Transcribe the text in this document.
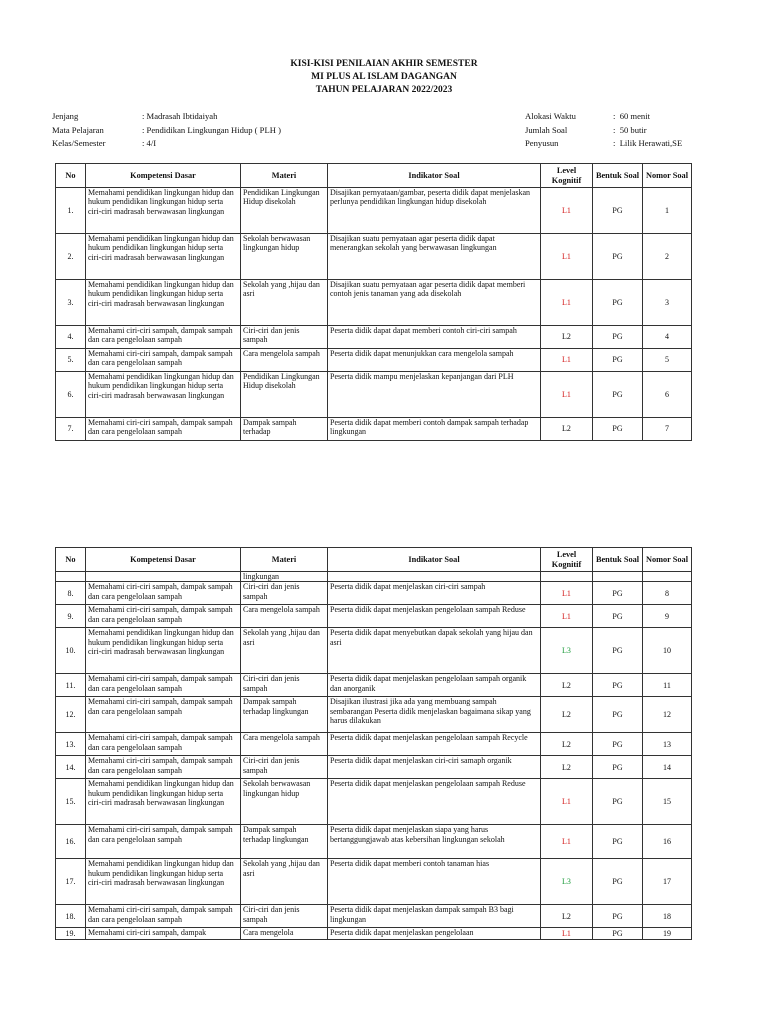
KISI-KISI PENILAIAN AKHIR SEMESTER
MI PLUS AL ISLAM DAGANGAN
TAHUN PELAJARAN 2022/2023
Jenjang	: Madrasah Ibtidaiyah
Mata Pelajaran	: Pendidikan Lingkungan Hidup ( PLH )
Kelas/Semester	: 4/I
Alokasi Waktu	: 60 menit
Jumlah Soal	: 50 butir
Penyusun	: Lilik Herawati,SE
No	Kompetensi Dasar	Materi	Indikator Soal	Level Kognitif	Bentuk Soal	Nomor Soal
1.	Memahami pendidikan lingkungan hidup dan hukum pendidikan lingkungan hidup serta ciri-ciri madrasah berwawasan lingkungan	Pendidikan Lingkungan Hidup disekolah	Disajikan pernyataan/gambar, peserta didik dapat menjelaskan perlunya pendidikan lingkungan hidup disekolah	L1	PG	1
2.	Memahami pendidikan lingkungan hidup dan hukum pendidikan lingkungan hidup serta ciri-ciri madrasah berwawasan lingkungan	Sekolah berwawasan lingkungan hidup	Disajikan suatu pernyataan agar peserta didik dapat menerangkan sekolah yang berwawasan lingkungan	L1	PG	2
3.	Memahami pendidikan lingkungan hidup dan hukum pendidikan lingkungan hidup serta ciri-ciri madrasah berwawasan lingkungan	Sekolah yang ,hijau dan asri	Disajikan suatu pernyataan agar peserta didik dapat memberi contoh jenis tanaman yang ada disekolah	L1	PG	3
4.	Memahami ciri-ciri sampah, dampak sampah dan cara pengelolaan sampah	Ciri-ciri dan jenis sampah	Peserta didik dapat dapat memberi contoh ciri-ciri sampah	L2	PG	4
5.	Memahami ciri-ciri sampah, dampak sampah dan cara pengelolaan sampah	Cara mengelola sampah	Peserta didik dapat menunjukkan cara mengelola sampah	L1	PG	5
6.	Memahami pendidikan lingkungan hidup dan hukum pendidikan lingkungan hidup serta ciri-ciri madrasah berwawasan lingkungan	Pendidikan Lingkungan Hidup disekolah	Peserta didik mampu menjelaskan kepanjangan dari PLH	L1	PG	6
7.	Memahami ciri-ciri sampah, dampak sampah dan cara pengelolaan sampah	Dampak sampah terhadap	Peserta didik dapat memberi contoh dampak sampah terhadap lingkungan	L2	PG	7
No	Kompetensi Dasar	Materi	Indikator Soal	Level Kognitif	Bentuk Soal	Nomor Soal
		lingkungan				
8.	Memahami ciri-ciri sampah, dampak sampah dan cara pengelolaan sampah	Ciri-ciri dan jenis sampah	Peserta didik dapat menjelaskan ciri-ciri sampah	L1	PG	8
9.	Memahami ciri-ciri sampah, dampak sampah dan cara pengelolaan sampah	Cara mengelola sampah	Peserta didik dapat menjelaskan pengelolaan sampah Reduse	L1	PG	9
10.	Memahami pendidikan lingkungan hidup dan hukum pendidikan lingkungan hidup serta ciri-ciri madrasah berwawasan lingkungan	Sekolah yang ,hijau dan asri	Peserta didik dapat menyebutkan dapak sekolah yang hijau dan asri	L3	PG	10
11.	Memahami ciri-ciri sampah, dampak sampah dan cara pengelolaan sampah	Ciri-ciri dan jenis sampah	Peserta didik dapat menjelaskan pengelolaan sampah organik dan anorganik	L2	PG	11
12.	Memahami ciri-ciri sampah, dampak sampah dan cara pengelolaan sampah	Dampak sampah terhadap lingkungan	Disajikan ilustrasi jika ada yang membuang sampah sembarangan Peserta didik menjelaskan bagaimana sikap yang harus dilakukan	L2	PG	12
13.	Memahami ciri-ciri sampah, dampak sampah dan cara pengelolaan sampah	Cara mengelola sampah	Peserta didik dapat menjelaskan pengelolaan sampah Recycle	L2	PG	13
14.	Memahami ciri-ciri sampah, dampak sampah dan cara pengelolaan sampah	Ciri-ciri dan jenis sampah	Peserta didik dapat menjelaskan ciri-ciri samaph organik	L2	PG	14
15.	Memahami pendidikan lingkungan hidup dan hukum pendidikan lingkungan hidup serta ciri-ciri madrasah berwawasan lingkungan	Sekolah berwawasan lingkungan hidup	Peserta didik dapat menjelaskan pengelolaan sampah Reduse	L1	PG	15
16.	Memahami ciri-ciri sampah, dampak sampah dan cara pengelolaan sampah	Dampak sampah terhadap lingkungan	Peserta didik dapat menjelaskan siapa yang harus bertanggungjawab atas kebersihan lingkungan sekolah	L1	PG	16
17.	Memahami pendidikan lingkungan hidup dan hukum pendidikan lingkungan hidup serta ciri-ciri madrasah berwawasan lingkungan	Sekolah yang ,hijau dan asri	Peserta didik dapat memberi contoh tanaman hias	L3	PG	17
18.	Memahami ciri-ciri sampah, dampak sampah dan cara pengelolaan sampah	Ciri-ciri dan jenis sampah	Peserta didik dapat menjelaskan dampak sampah B3 bagi lingkungan	L2	PG	18
19.	Memahami ciri-ciri sampah, dampak	Cara mengelola	Peserta didik dapat menjelaskan pengelolaan	L1	PG	19
